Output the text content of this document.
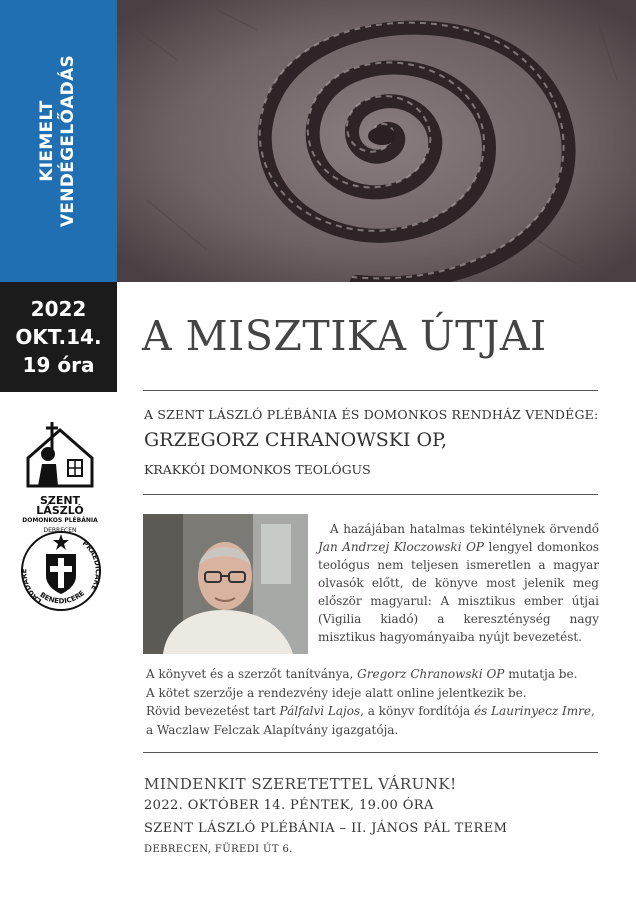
KIEMELT VENDÉGELŐADÁS
2022
OKT.14.
19 óra
A MISZTIKA ÚTJAI
A SZENT LÁSZLÓ PLÉBÁNIA ÉS DOMONKOS RENDHÁZ VENDÉGE:
GRZEGORZ CHRANOWSKI OP,
KRAKKÓI DOMONKOS TEOLÓGUS
SZENT LÁSZLÓ
DOMONKOS PLÉBÁNIA
DEBRECEN
LAUDARE
BENEDICERE
PRAEDICARE
A hazájában hatalmas tekintélynek örvendő Jan Andrzej Kloczowski OP lengyel domonkos teológus nem teljesen ismeretlen a magyar olvasók előtt, de könyve most jelenik meg először magyarul: A misztikus ember útjai (Vigilia kiadó) a kereszténység nagy misztikus hagyományaiba nyújt bevezetést.

A könyvet és a szerzőt tanítványa, Gregorz Chranowski OP mutatja be.

A kötet szerzője a rendezvény ideje alatt online jelentkezik be.

Rövid bevezetést tart Pálfalvi Lajos, a könyv fordítója és Laurinyecz Imre,

a Waczlaw Felczak Alapítvány igazgatója.

MINDENKIT SZERETETTEL VÁRUNK!
2022. OKTÓBER 14. PÉNTEK, 19.00 ÓRA
SZENT LÁSZLÓ PLÉBÁNIA – II. JÁNOS PÁL TEREM
DEBRECEN, FÜREDI ÚT 6.
